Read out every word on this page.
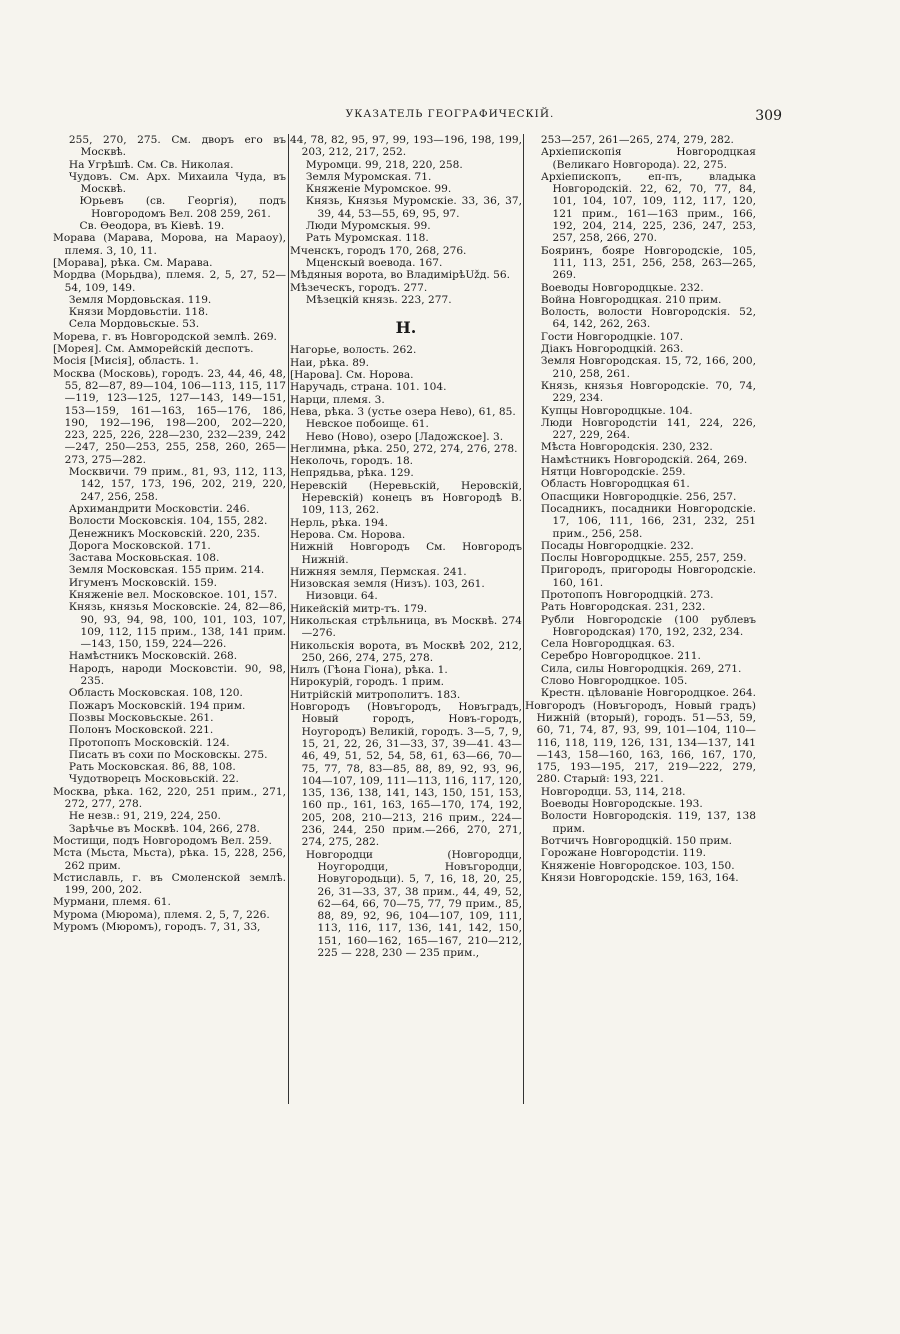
УКАЗАТЕЛЬ ГЕОГРАФИЧЕСКІЙ.	309

255, 270, 275. См. дворъ его въ Москвѣ.

На Угрѣшѣ. См. Св. Николая.

Чудовъ. См. Арх. Михаила Чуда, въ Москвѣ.

Юрьевъ (св. Георгія), подъ Новгородомъ Вел. 208 259, 261.

Св. Ѳеодора, въ Кіевѣ. 19.

Морава (Марава, Морова, на Мараоу), племя. 3, 10, 11.

[Морава], рѣка. См. Марава.

Мордва (Морьдва), племя. 2, 5, 27, 52—54, 109, 149.

Земля Мордовьская. 119.

Князи Мордовьстіи. 118.

Села Мордовьскые. 53.

Морева, г. въ Новгородской землѣ. 269.

[Морея]. См. Амморейскій деспотъ.

Мосія [Мисія], область. 1.

Москва (Московь), городъ. 23, 44, 46, 48, 55, 82—87, 89—104, 106—113, 115, 117—119, 123—125, 127—143, 149—151, 153—159, 161—163, 165—176, 186, 190, 192—196, 198—200, 202—220, 223, 225, 226, 228—230, 232—239, 242—247, 250—253, 255, 258, 260, 265—273, 275—282.

Москвичи. 79 прим., 81, 93, 112, 113, 142, 157, 173, 196, 202, 219, 220, 247, 256, 258.

Архимандрити Московстіи. 246.

Волости Московскія. 104, 155, 282.

Денежникъ Московскій. 220, 235.

Дорога Московской. 171.

Застава Московьская. 108.

Земля Московская. 155 прим. 214.

Игуменъ Московскій. 159.

Княженіе вел. Московское. 101, 157.

Князь, князья Московскіе. 24, 82—86, 90, 93, 94, 98, 100, 101, 103, 107, 109, 112, 115 прим., 138, 141 прим.—143, 150, 159, 224—226.

Намѣстникъ Московскій. 268.

Народъ, народи Московстіи. 90, 98, 235.

Область Московская. 108, 120.

Пожаръ Московскій. 194 прим.

Позвы Московьскые. 261.

Полонъ Московской. 221.

Протопопъ Московскій. 124.

Писать въ сохи по Московскы. 275.

Рать Московская. 86, 88, 108.

Чудотворецъ Московьскій. 22.

Москва, рѣка. 162, 220, 251 прим., 271, 272, 277, 278.

Не незв.: 91, 219, 224, 250.

Зарѣчье въ Москвѣ. 104, 266, 278.

Мостищи, подъ Новгородомъ Вел. 259.

Мста (Мьста, Мьста), рѣка. 15, 228, 256, 262 прим.

Мстиславль, г. въ Смоленской землѣ. 199, 200, 202.

Мурмани, племя. 61.

Мурома (Мюрома), племя. 2, 5, 7, 226.

Муромъ (Мюромъ), городъ. 7, 31, 33,

44, 78, 82, 95, 97, 99, 193—196, 198, 199, 203, 212, 217, 252.

Муромци. 99, 218, 220, 258.

Земля Муромская. 71.

Княженіе Муромское. 99.

Князь, Князья Муромскіе. 33, 36, 37, 39, 44, 53—55, 69, 95, 97.

Люди Муромскыя. 99.

Рать Муромская. 118.

Мченскъ, городъ 170, 268, 276.

Мценскый воевода. 167.

Мѣдяныя ворота, во ВладимірѣUžд. 56.

Мѣзеческъ, городъ. 277.

Мѣзецкій князь. 223, 277.

Н.

Нагорье, волость. 262.

Наи, рѣка. 89.

[Нарова]. См. Норова.

Наручадь, страна. 101. 104.

Нарци, племя. 3.

Нева, рѣка. 3 (устье озера Нево), 61, 85.

Невское побоище. 61.

Нево (Ново), озеро [Ладожское]. 3.

Неглимна, рѣка. 250, 272, 274, 276, 278.

Неколочь, городъ. 18.

Непрядьва, рѣка. 129.

Неревскій (Неревьскій, Неровскій, Неревскій) конецъ въ Новгородѣ В. 109, 113, 262.

Нерль, рѣка. 194.

Нерова. См. Норова.

Нижній Новгородъ См. Новгородъ Нижній.

Нижняя земля, Пермская. 241.

Низовская земля (Низъ). 103, 261.

Низовци. 64.

Никейскій митр-тъ. 179.

Никольская стрѣльница, въ Москвѣ. 274—276.

Никольскія ворота, въ Москвѣ 202, 212, 250, 266, 274, 275, 278.

Нилъ (Гѣона Гіона), рѣка. 1.

Нирокурій, городъ. 1 прим.

Нитрійскій митрополитъ. 183.

Новгородъ (Новъгородъ, Новъградъ, Новый городъ, Новъ-городъ, Ноугородъ) Великій, городъ. 3—5, 7, 9, 15, 21, 22, 26, 31—33, 37, 39—41. 43—46, 49, 51, 52, 54, 58, 61, 63—66, 70—75, 77, 78, 83—85, 88, 89, 92, 93, 96, 104—107, 109, 111—113, 116, 117, 120, 135, 136, 138, 141, 143, 150, 151, 153, 160 пр., 161, 163, 165—170, 174, 192, 205, 208, 210—213, 216 прим., 224—236, 244, 250 прим.—266, 270, 271, 274, 275, 282.

Новгородци (Новгородци, Ноугородци, Новъгородци, Новугородьци). 5, 7, 16, 18, 20, 25, 26, 31—33, 37, 38 прим., 44, 49, 52, 62—64, 66, 70—75, 77, 79 прим., 85, 88, 89, 92, 96, 104—107, 109, 111, 113, 116, 117, 136, 141, 142, 150, 151, 160—162, 165—167, 210—212, 225 — 228, 230 — 235 прим.,

253—257, 261—265, 274, 279, 282.

Архіепископія Новгородцкая (Великаго Новгорода). 22, 275.

Архіепископъ, еп-пъ, владыка Новгородскій. 22, 62, 70, 77, 84, 101, 104, 107, 109, 112, 117, 120, 121 прим., 161—163 прим., 166, 192, 204, 214, 225, 236, 247, 253, 257, 258, 266, 270.

Бояринъ, бояре Новгородскіе, 105, 111, 113, 251, 256, 258, 263—265, 269.

Воеводы Новгородцкые. 232.

Война Новгородцкая. 210 прим.

Волость, волости Новгородскія. 52, 64, 142, 262, 263.

Гости Новгородцкіе. 107.

Діакъ Новгородцкій. 263.

Земля Новгородская. 15, 72, 166, 200, 210, 258, 261.

Князь, князья Новгородскіе. 70, 74, 229, 234.

Купцы Новгородцкые. 104.

Люди Новгородстіи 141, 224, 226, 227, 229, 264.

Мѣста Новгородскія. 230, 232.

Намѣстникъ Новгородскій. 264, 269.

Нятци Новгородскіе. 259.

Область Новгородцкая 61.

Опасщики Новгородцкіе. 256, 257.

Посадникъ, посадники Новгородскіе. 17, 106, 111, 166, 231, 232, 251 прим., 256, 258.

Посады Новгородцкіе. 232.

Послы Новгородцкые. 255, 257, 259.

Пригородъ, пригороды Новгородскіе. 160, 161.

Протопопъ Новгородцкій. 273.

Рать Новгородская. 231, 232.

Рубли Новгородскіе (100 рублевъ Новгородская) 170, 192, 232, 234.

Села Новгородцкая. 63.

Серебро Новгородцкое. 211.

Сила, силы Новгородцкія. 269, 271.

Слово Новгородцкое. 105.

Крестн. цѣлованіе Новгородцкое. 264.

Новгородъ (Новъгородъ, Новый градъ) Нижній (вторый), городъ. 51—53, 59, 60, 71, 74, 87, 93, 99, 101—104, 110—116, 118, 119, 126, 131, 134—137, 141—143, 158—160, 163, 166, 167, 170, 175, 193—195, 217, 219—222, 279, 280. Старый: 193, 221.

Новгородци. 53, 114, 218.

Воеводы Новгородскые. 193.

Волости Новгородскія. 119, 137, 138 прим.

Вотчичъ Новгородцкій. 150 прим.

Горожане Новгородстіи. 119.

Княженіе Новгородское. 103, 150.

Князи Новгородскіе. 159, 163, 164.
